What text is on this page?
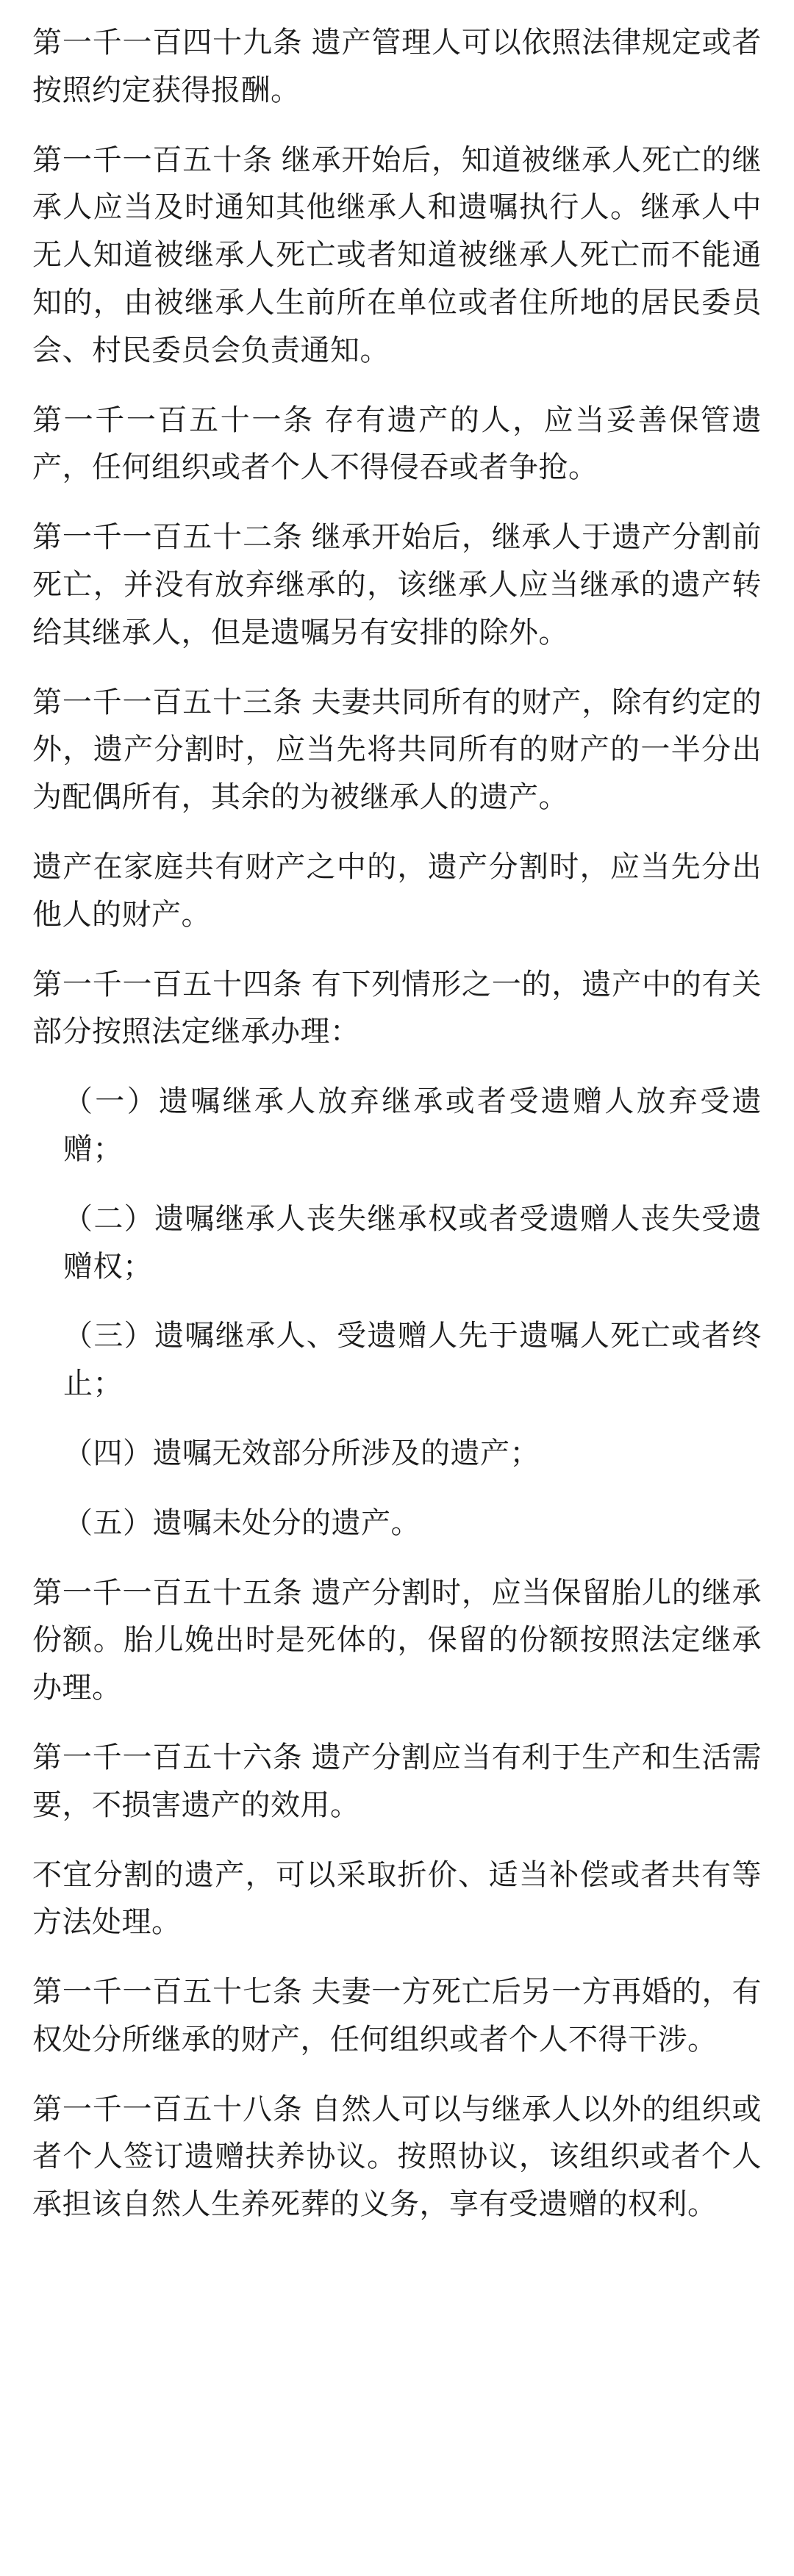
第一千一百四十九条 遗产管理人可以依照法律规定或者按照约定获得报酬。

第一千一百五十条 继承开始后，知道被继承人死亡的继承人应当及时通知其他继承人和遗嘱执行人。继承人中无人知道被继承人死亡或者知道被继承人死亡而不能通知的，由被继承人生前所在单位或者住所地的居民委员会、村民委员会负责通知。

第一千一百五十一条 存有遗产的人，应当妥善保管遗产，任何组织或者个人不得侵吞或者争抢。

第一千一百五十二条 继承开始后，继承人于遗产分割前死亡，并没有放弃继承的，该继承人应当继承的遗产转给其继承人，但是遗嘱另有安排的除外。

第一千一百五十三条 夫妻共同所有的财产，除有约定的外，遗产分割时，应当先将共同所有的财产的一半分出为配偶所有，其余的为被继承人的遗产。

遗产在家庭共有财产之中的，遗产分割时，应当先分出他人的财产。

第一千一百五十四条 有下列情形之一的，遗产中的有关部分按照法定继承办理：

（一）遗嘱继承人放弃继承或者受遗赠人放弃受遗赠；

（二）遗嘱继承人丧失继承权或者受遗赠人丧失受遗赠权；

（三）遗嘱继承人、受遗赠人先于遗嘱人死亡或者终止；

（四）遗嘱无效部分所涉及的遗产；

（五）遗嘱未处分的遗产。

第一千一百五十五条 遗产分割时，应当保留胎儿的继承份额。胎儿娩出时是死体的，保留的份额按照法定继承办理。

第一千一百五十六条 遗产分割应当有利于生产和生活需要，不损害遗产的效用。

不宜分割的遗产，可以采取折价、适当补偿或者共有等方法处理。

第一千一百五十七条 夫妻一方死亡后另一方再婚的，有权处分所继承的财产，任何组织或者个人不得干涉。

第一千一百五十八条 自然人可以与继承人以外的组织或者个人签订遗赠扶养协议。按照协议，该组织或者个人承担该自然人生养死葬的义务，享有受遗赠的权利。
